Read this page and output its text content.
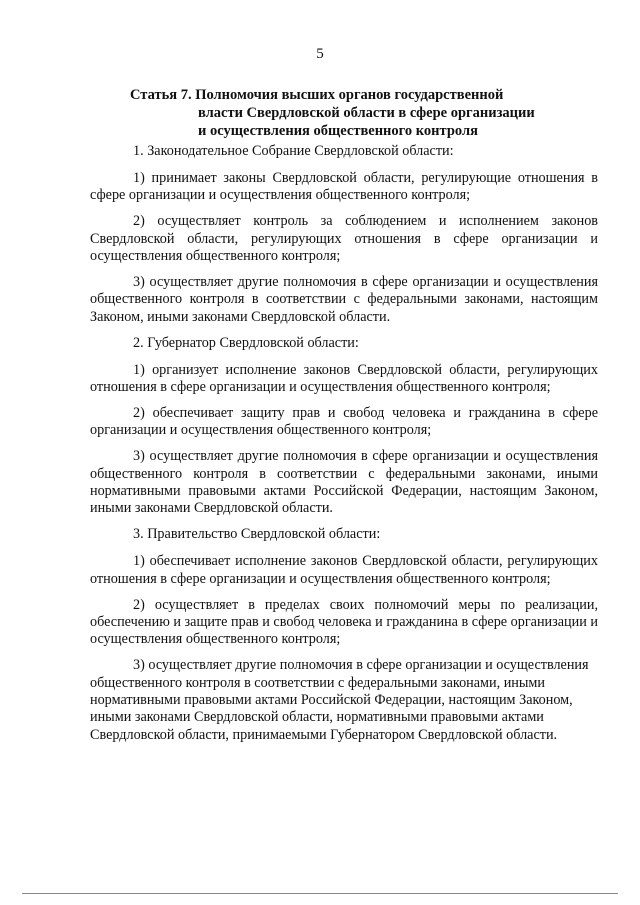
5
Статья 7. Полномочия высших органов государственной
власти Свердловской области в сфере организации
и осуществления общественного контроля

1. Законодательное Собрание Свердловской области:

1) принимает законы Свердловской области, регулирующие отношения в сфере организации и осуществления общественного контроля;

2) осуществляет контроль за соблюдением и исполнением законов Свердловской области, регулирующих отношения в сфере организации и осуществления общественного контроля;

3) осуществляет другие полномочия в сфере организации и осуществления общественного контроля в соответствии с федеральными законами, настоящим Законом, иными законами Свердловской области.

2. Губернатор Свердловской области:

1) организует исполнение законов Свердловской области, регулирующих отношения в сфере организации и осуществления общественного контроля;

2) обеспечивает защиту прав и свобод человека и гражданина в сфере организации и осуществления общественного контроля;

3) осуществляет другие полномочия в сфере организации и осуществления общественного контроля в соответствии с федеральными законами, иными нормативными правовыми актами Российской Федерации, настоящим Законом, иными законами Свердловской области.

3. Правительство Свердловской области:

1) обеспечивает исполнение законов Свердловской области, регулирующих отношения в сфере организации и осуществления общественного контроля;

2) осуществляет в пределах своих полномочий меры по реализации, обеспечению и защите прав и свобод человека и гражданина в сфере организации и осуществления общественного контроля;

3) осуществляет другие полномочия в сфере организации и осуществления общественного контроля в соответствии с федеральными законами, иными нормативными правовыми актами Российской Федерации, настоящим Законом, иными законами Свердловской области, нормативными правовыми актами Свердловской области, принимаемыми Губернатором Свердловской области.
